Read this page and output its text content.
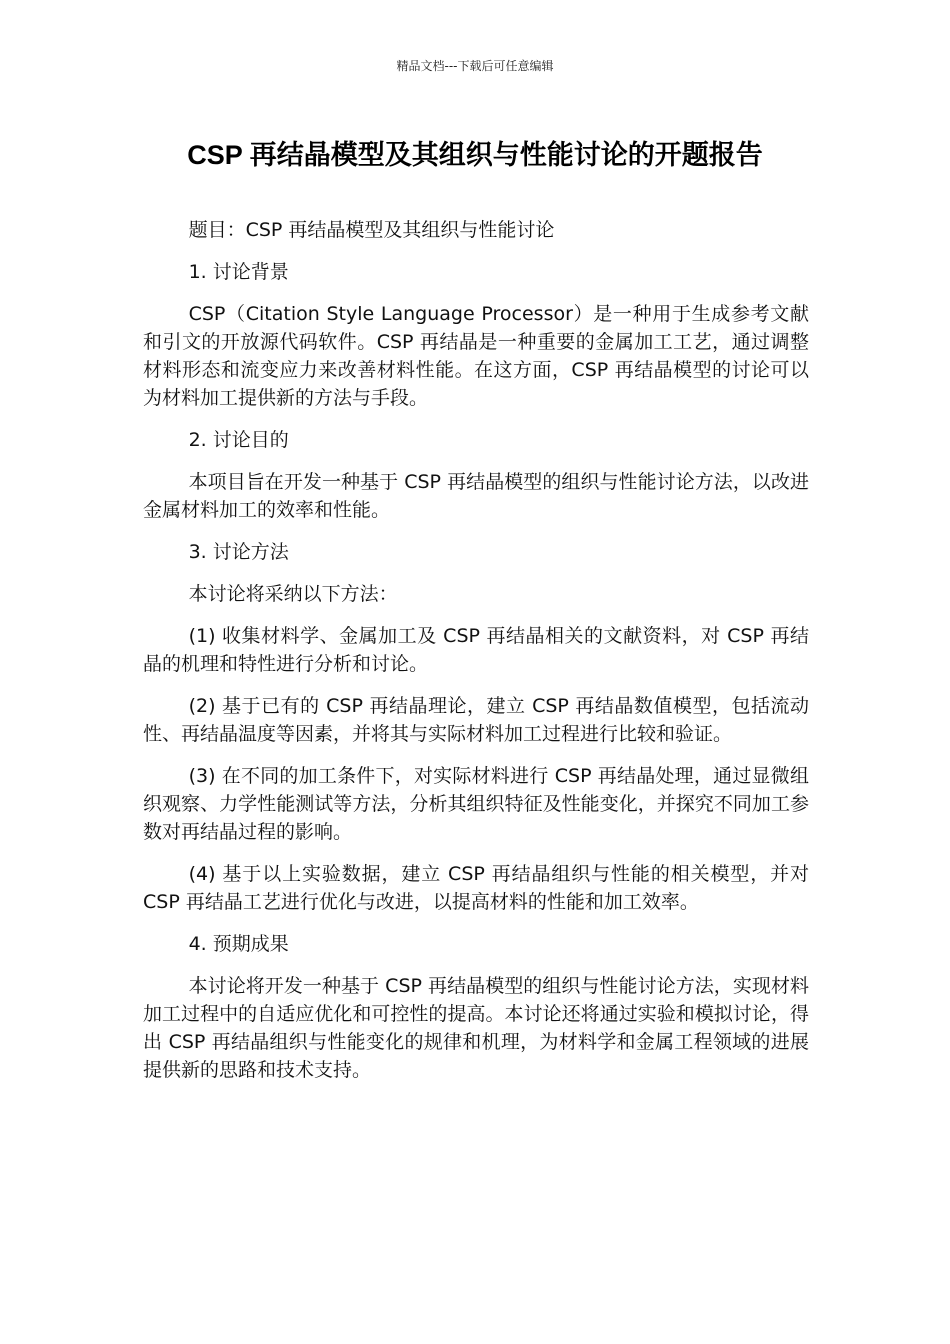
精品文档---下载后可任意编辑
CSP 再结晶模型及其组织与性能讨论的开题报告

题目：CSP 再结晶模型及其组织与性能讨论

1. 讨论背景

CSP（Citation Style Language Processor）是一种用于生成参考文献和引文的开放源代码软件。CSP 再结晶是一种重要的金属加工工艺，通过调整材料形态和流变应力来改善材料性能。在这方面，CSP 再结晶模型的讨论可以为材料加工提供新的方法与手段。

2. 讨论目的

本项目旨在开发一种基于 CSP 再结晶模型的组织与性能讨论方法，以改进金属材料加工的效率和性能。

3. 讨论方法

本讨论将采纳以下方法：

(1) 收集材料学、金属加工及 CSP 再结晶相关的文献资料，对 CSP 再结晶的机理和特性进行分析和讨论。

(2) 基于已有的 CSP 再结晶理论，建立 CSP 再结晶数值模型，包括流动性、再结晶温度等因素，并将其与实际材料加工过程进行比较和验证。

(3) 在不同的加工条件下，对实际材料进行 CSP 再结晶处理，通过显微组织观察、力学性能测试等方法，分析其组织特征及性能变化，并探究不同加工参数对再结晶过程的影响。

(4) 基于以上实验数据，建立 CSP 再结晶组织与性能的相关模型，并对 CSP 再结晶工艺进行优化与改进，以提高材料的性能和加工效率。

4. 预期成果

本讨论将开发一种基于 CSP 再结晶模型的组织与性能讨论方法，实现材料加工过程中的自适应优化和可控性的提高。本讨论还将通过实验和模拟讨论，得出 CSP 再结晶组织与性能变化的规律和机理，为材料学和金属工程领域的进展提供新的思路和技术支持。
